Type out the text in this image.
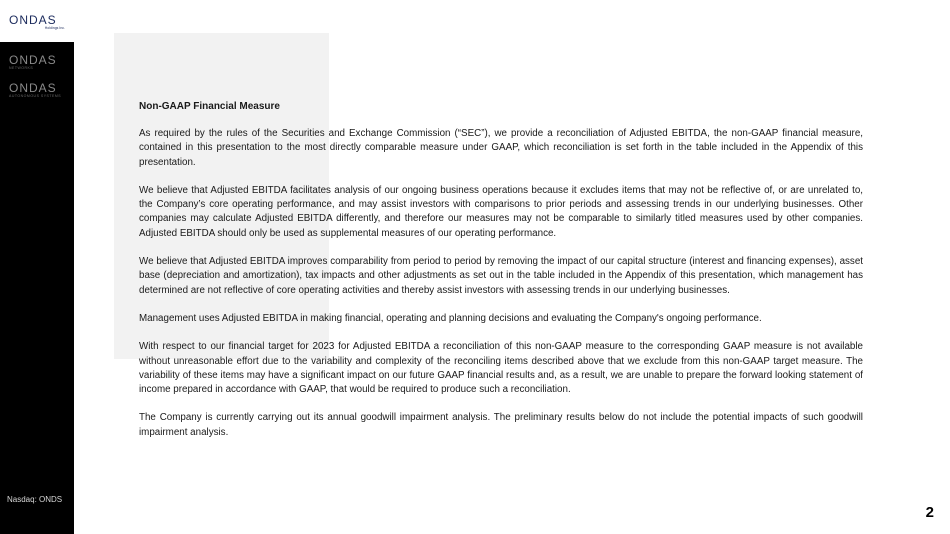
ONDAS
Holdings Inc.
ONDAS
NETWORKS
ONDAS
AUTONOMOUS SYSTEMS
Nasdaq: ONDS
Non-GAAP Financial Measure

As required by the rules of the Securities and Exchange Commission (“SEC”), we provide a reconciliation of Adjusted EBITDA, the non-GAAP financial measure, contained in this presentation to the most directly comparable measure under GAAP, which reconciliation is set forth in the table included in the Appendix of this presentation.

We believe that Adjusted EBITDA facilitates analysis of our ongoing business operations because it excludes items that may not be reflective of, or are unrelated to, the Company’s core operating performance, and may assist investors with comparisons to prior periods and assessing trends in our underlying businesses. Other companies may calculate Adjusted EBITDA differently, and therefore our measures may not be comparable to similarly titled measures used by other companies. Adjusted EBITDA should only be used as supplemental measures of our operating performance.

We believe that Adjusted EBITDA improves comparability from period to period by removing the impact of our capital structure (interest and financing expenses), asset base (depreciation and amortization), tax impacts and other adjustments as set out in the table included in the Appendix of this presentation, which management has determined are not reflective of core operating activities and thereby assist investors with assessing trends in our underlying businesses.

Management uses Adjusted EBITDA in making financial, operating and planning decisions and evaluating the Company's ongoing performance.

With respect to our financial target for 2023 for Adjusted EBITDA a reconciliation of this non-GAAP measure to the corresponding GAAP measure is not available without unreasonable effort due to the variability and complexity of the reconciling items described above that we exclude from this non-GAAP target measure. The variability of these items may have a significant impact on our future GAAP financial results and, as a result, we are unable to prepare the forward looking statement of income prepared in accordance with GAAP, that would be required to produce such a reconciliation.

The Company is currently carrying out its annual goodwill impairment analysis. The preliminary results below do not include the potential impacts of such goodwill impairment analysis.

2
